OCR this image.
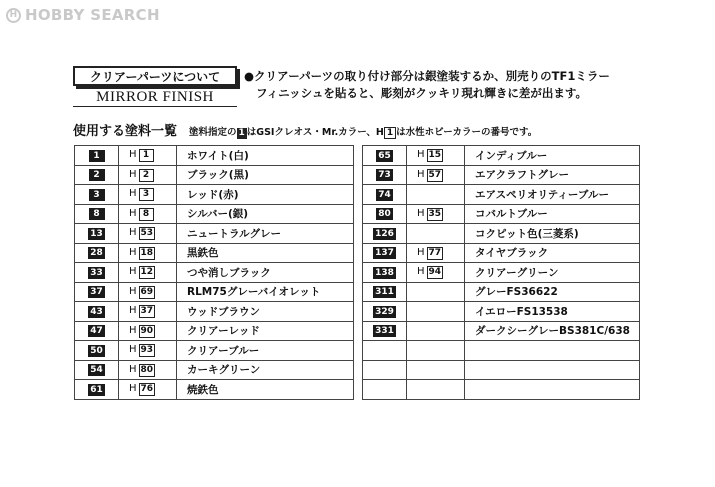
H HOBBY SEARCH
クリアーパーツについて
MIRROR FINISH
●クリアーパーツの取り付け部分は銀塗装するか、別売りのTF1ミラー
フィニッシュを貼ると、彫刻がクッキリ現れ輝きに差が出ます。
使用する塗料一覧 塗料指定の 1 はGSIクレオス・Mr.カラー、H 1 は水性ホビーカラーの番号です。
1	H 1	ホワイト(白)
2	H 2	ブラック(黒)
3	H 3	レッド(赤)
8	H 8	シルバー(銀)
13	H 53	ニュートラルグレー
28	H 18	黒鉄色
33	H 12	つや消しブラック
37	H 69	RLM75グレーバイオレット
43	H 37	ウッドブラウン
47	H 90	クリアーレッド
50	H 93	クリアーブルー
54	H 80	カーキグリーン
61	H 76	焼鉄色
65	H 15	インディブルー
73	H 57	エアクラフトグレー
74		エアスペリオリティーブルー
80	H 35	コバルトブルー
126		コクピット色(三菱系)
137	H 77	タイヤブラック
138	H 94	クリアーグリーン
311		グレーFS36622
329		イエローFS13538
331		ダークシーグレーBS381C/638
